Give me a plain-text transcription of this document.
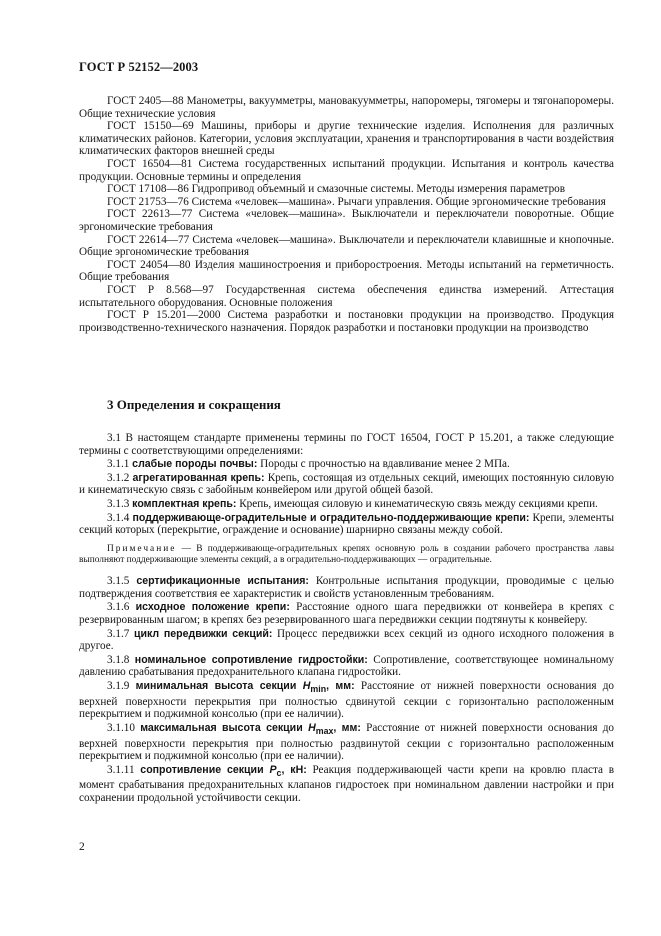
ГОСТ Р 52152—2003

ГОСТ 2405—88 Манометры, вакуумметры, мановакуумметры, напоромеры, тягомеры и тягонапоромеры. Общие технические условия

ГОСТ 15150—69 Машины, приборы и другие технические изделия. Исполнения для различных климатических районов. Категории, условия эксплуатации, хранения и транспортирования в части воздействия климатических факторов внешней среды

ГОСТ 16504—81 Система государственных испытаний продукции. Испытания и контроль качества продукции. Основные термины и определения

ГОСТ 17108—86 Гидропривод объемный и смазочные системы. Методы измерения параметров

ГОСТ 21753—76 Система «человек—машина». Рычаги управления. Общие эргономические требования

ГОСТ 22613—77 Система «человек—машина». Выключатели и переключатели поворотные. Общие эргономические требования

ГОСТ 22614—77 Система «человек—машина». Выключатели и переключатели клавишные и кнопочные. Общие эргономические требования

ГОСТ 24054—80 Изделия машиностроения и приборостроения. Методы испытаний на герметичность. Общие требования

ГОСТ Р 8.568—97 Государственная система обеспечения единства измерений. Аттестация испытательного оборудования. Основные положения

ГОСТ Р 15.201—2000 Система разработки и постановки продукции на производство. Продукция производственно-технического назначения. Порядок разработки и постановки продукции на производство

3 Определения и сокращения

3.1 В настоящем стандарте применены термины по ГОСТ 16504, ГОСТ Р 15.201, а также следующие термины с соответствующими определениями:

3.1.1 слабые породы почвы: Породы с прочностью на вдавливание менее 2 МПа.

3.1.2 агрегатированная крепь: Крепь, состоящая из отдельных секций, имеющих постоянную силовую и кинематическую связь с забойным конвейером или другой общей базой.

3.1.3 комплектная крепь: Крепь, имеющая силовую и кинематическую связь между секциями крепи.

3.1.4 поддерживающе-оградительные и оградительно-поддерживающие крепи: Крепи, элементы секций которых (перекрытие, ограждение и основание) шарнирно связаны между собой.

Примечание — В поддерживающе-оградительных крепях основную роль в создании рабочего пространства лавы выполняют поддерживающие элементы секций, а в оградительно-поддерживающих — оградительные.

3.1.5 сертификационные испытания: Контрольные испытания продукции, проводимые с целью подтверждения соответствия ее характеристик и свойств установленным требованиям.

3.1.6 исходное положение крепи: Расстояние одного шага передвижки от конвейера в крепях с резервированным шагом; в крепях без резервированного шага передвижки секции подтянуты к конвейеру.

3.1.7 цикл передвижки секций: Процесс передвижки всех секций из одного исходного положения в другое.

3.1.8 номинальное сопротивление гидростойки: Сопротивление, соответствующее номинальному давлению срабатывания предохранительного клапана гидростойки.

3.1.9 минимальная высота секции $H_{min}$, мм: Расстояние от нижней поверхности основания до верхней поверхности перекрытия при полностью сдвинутой секции с горизонтально расположенным перекрытием и поджимной консолью (при ее наличии).

3.1.10 максимальная высота секции $H_{max}$, мм: Расстояние от нижней поверхности основания до верхней поверхности перекрытия при полностью раздвинутой секции с горизонтально расположенным перекрытием и поджимной консолью (при ее наличии).

3.1.11 сопротивление секции $P_c$, кН: Реакция поддерживающей части крепи на кровлю пласта в момент срабатывания предохранительных клапанов гидростоек при номинальном давлении настройки и при сохранении продольной устойчивости секции.

2
